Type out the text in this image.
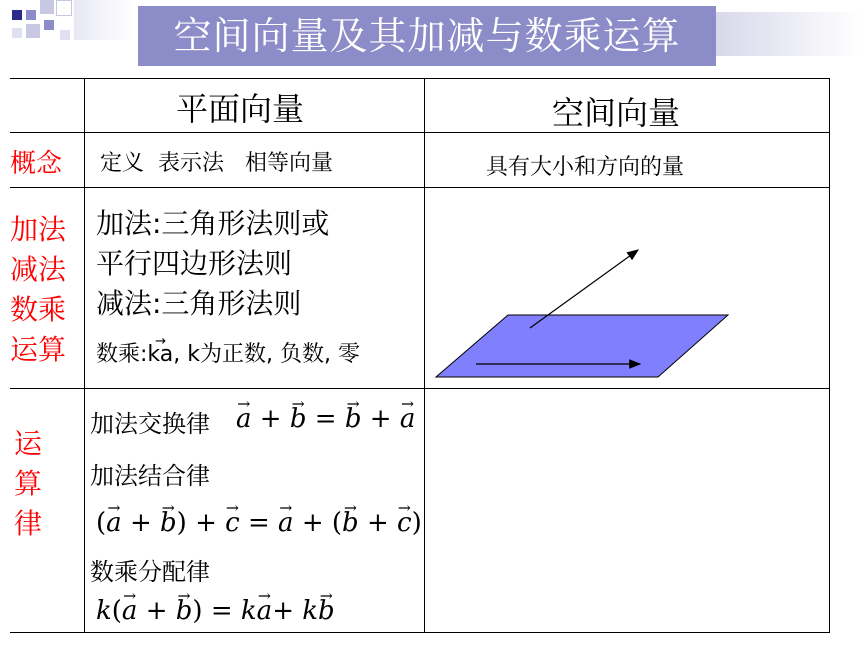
空间向量及其加减与数乘运算
平面向量	空间向量
概念 定义  表示法   相等向量	具有大小和方向的量
加法
减法
数乘
运算
加法:三角形法则或
平行四边形法则
减法:三角形法则
数乘:→ ka, k为正数, 负数, 零
运
算
律
加法交换律 → a + → b = → b + → a
加法结合律
(→ a + → b) + → c = → a + (→ b + → c)
数乘分配律
k(→ a + → b) = k→ a+ k→ b
